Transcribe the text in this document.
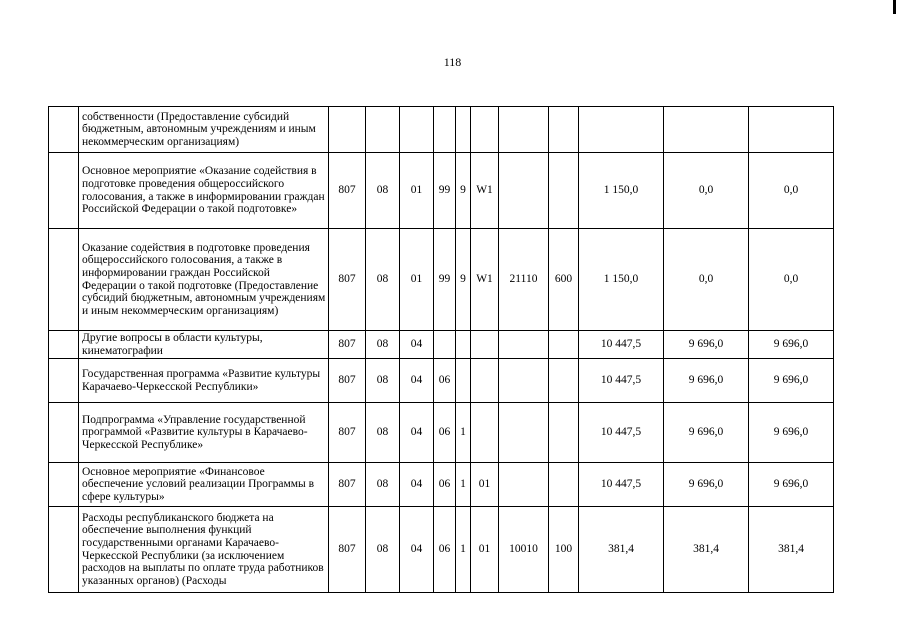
118
	собственности (Предоставление субсидий бюджетным, автономным учреждениям и иным некоммерческим организациям)											
	Основное мероприятие «Оказание содействия в подготовке проведения общероссийского голосования, а также в информировании граждан Российской Федерации о такой подготовке»	807	08	01	99	9	W1			1 150,0	0,0	0,0
	Оказание содействия в подготовке проведения общероссийского голосования, а также в информировании граждан Российской Федерации о такой подготовке (Предоставление субсидий бюджетным, автономным учреждениям и иным некоммерческим организациям)	807	08	01	99	9	W1	21110	600	1 150,0	0,0	0,0
	Другие вопросы в области культуры, кинематографии	807	08	04						10 447,5	9 696,0	9 696,0
	Государственная программа «Развитие культуры Карачаево-Черкесской Республики»	807	08	04	06					10 447,5	9 696,0	9 696,0
	Подпрограмма «Управление государственной программой «Развитие культуры в Карачаево-Черкесской Республике»	807	08	04	06	1				10 447,5	9 696,0	9 696,0
	Основное мероприятие «Финансовое обеспечение условий реализации Программы в сфере культуры»	807	08	04	06	1	01			10 447,5	9 696,0	9 696,0
	Расходы республиканского бюджета на обеспечение выполнения функций государственными органами Карачаево-Черкесской Республики (за исключением расходов на выплаты по оплате труда работников указанных органов) (Расходы	807	08	04	06	1	01	10010	100	381,4	381,4	381,4
